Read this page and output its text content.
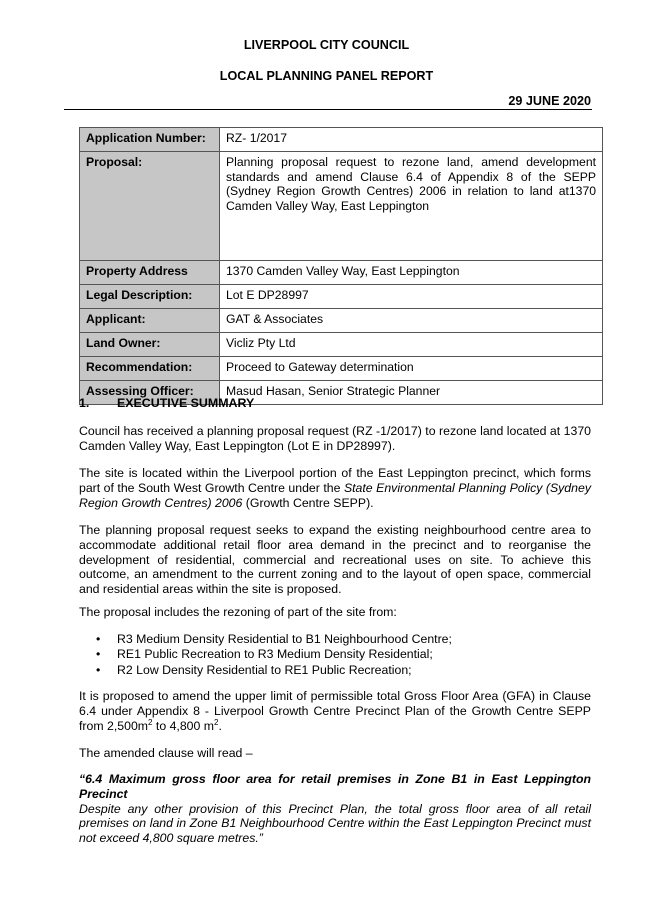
LIVERPOOL CITY COUNCIL
LOCAL PLANNING PANEL REPORT
29 JUNE 2020
Application Number:	RZ- 1/2017
Proposal:	Planning proposal request to rezone land, amend development standards and amend Clause 6.4 of Appendix 8 of the SEPP (Sydney Region Growth Centres) 2006 in relation to land at1370 Camden Valley Way, East Leppington
Property Address	1370 Camden Valley Way, East Leppington
Legal Description:	Lot E DP28997
Applicant:	GAT & Associates
Land Owner:	Vicliz Pty Ltd
Recommendation:	Proceed to Gateway determination
Assessing Officer:	Masud Hasan, Senior Strategic Planner
1. EXECUTIVE SUMMARY

Council has received a planning proposal request (RZ -1/2017) to rezone land located at 1370 Camden Valley Way, East Leppington (Lot E in DP28997).

The site is located within the Liverpool portion of the East Leppington precinct, which forms part of the South West Growth Centre under the State Environmental Planning Policy (Sydney Region Growth Centres) 2006 (Growth Centre SEPP).

The planning proposal request seeks to expand the existing neighbourhood centre area to accommodate additional retail floor area demand in the precinct and to reorganise the development of residential, commercial and recreational uses on site. To achieve this outcome, an amendment to the current zoning and to the layout of open space, commercial and residential areas within the site is proposed.

The proposal includes the rezoning of part of the site from:

• R3 Medium Density Residential to B1 Neighbourhood Centre;
• RE1 Public Recreation to R3 Medium Density Residential;
• R2 Low Density Residential to RE1 Public Recreation;

It is proposed to amend the upper limit of permissible total Gross Floor Area (GFA) in Clause 6.4 under Appendix 8 - Liverpool Growth Centre Precinct Plan of the Growth Centre SEPP from $2,500m^2$ to 4,800 $m^2$.

The amended clause will read –

“6.4 Maximum gross floor area for retail premises in Zone B1 in East Leppington Precinct
Despite any other provision of this Precinct Plan, the total gross floor area of all retail premises on land in Zone B1 Neighbourhood Centre within the East Leppington Precinct must not exceed 4,800 square metres.”
